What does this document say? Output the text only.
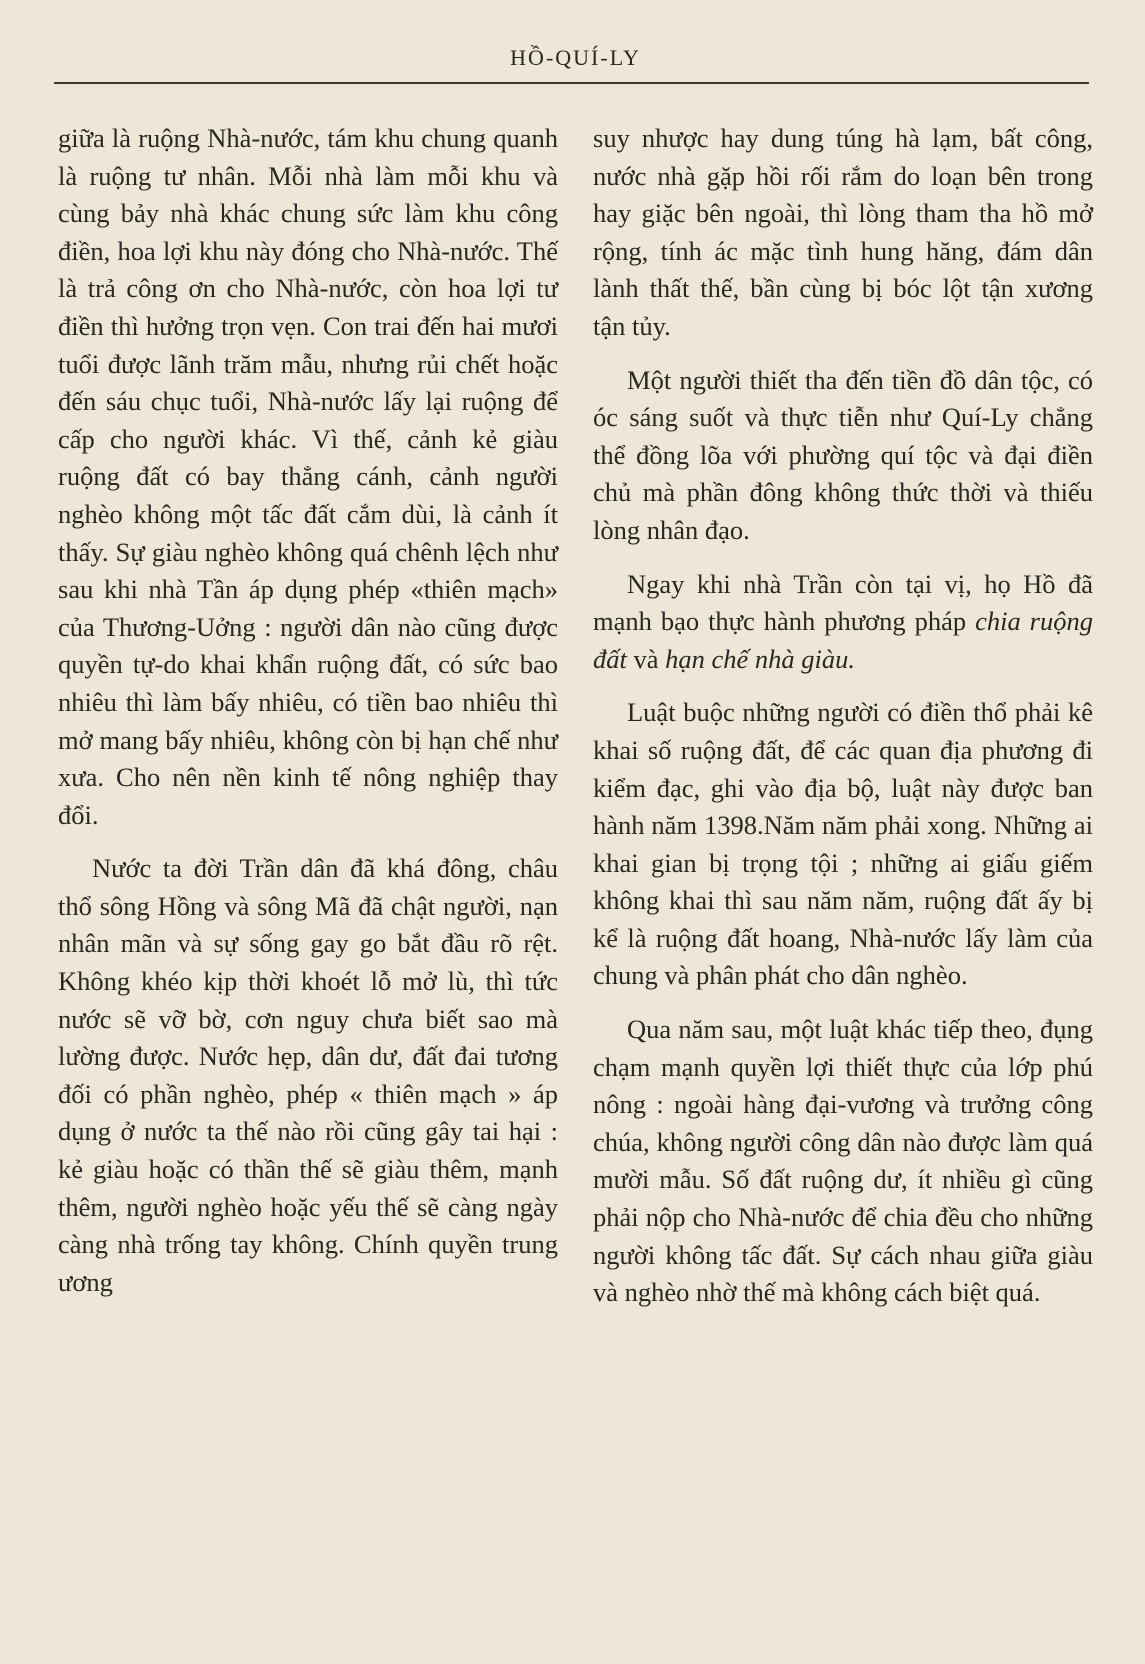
HỒ-QUÍ-LY

giữa là ruộng Nhà-nước, tám khu chung quanh là ruộng tư nhân. Mỗi nhà làm mỗi khu và cùng bảy nhà khác chung sức làm khu công điền, hoa lợi khu này đóng cho Nhà-nước. Thế là trả công ơn cho Nhà-nước, còn hoa lợi tư điền thì hưởng trọn vẹn. Con trai đến hai mươi tuổi được lãnh trăm mẫu, nhưng rủi chết hoặc đến sáu chục tuổi, Nhà-nước lấy lại ruộng để cấp cho người khác. Vì thế, cảnh kẻ giàu ruộng đất có bay thẳng cánh, cảnh người nghèo không một tấc đất cắm dùi, là cảnh ít thấy. Sự giàu nghèo không quá chênh lệch như sau khi nhà Tần áp dụng phép «thiên mạch» của Thương-Uởng : người dân nào cũng được quyền tự-do khai khẩn ruộng đất, có sức bao nhiêu thì làm bấy nhiêu, có tiền bao nhiêu thì mở mang bấy nhiêu, không còn bị hạn chế như xưa. Cho nên nền kinh tế nông nghiệp thay đổi.

Nước ta đời Trần dân đã khá đông, châu thổ sông Hồng và sông Mã đã chật người, nạn nhân mãn và sự sống gay go bắt đầu rõ rệt. Không khéo kịp thời khoét lỗ mở lù, thì tức nước sẽ vỡ bờ, cơn nguy chưa biết sao mà lường được. Nước hẹp, dân dư, đất đai tương đối có phần nghèo, phép « thiên mạch » áp dụng ở nước ta thế nào rồi cũng gây tai hại : kẻ giàu hoặc có thần thế sẽ giàu thêm, mạnh thêm, người nghèo hoặc yếu thế sẽ càng ngày càng nhà trống tay không. Chính quyền trung ương

suy nhược hay dung túng hà lạm, bất công, nước nhà gặp hồi rối rắm do loạn bên trong hay giặc bên ngoài, thì lòng tham tha hồ mở rộng, tính ác mặc tình hung hăng, đám dân lành thất thế, bần cùng bị bóc lột tận xương tận tủy.

Một người thiết tha đến tiền đồ dân tộc, có óc sáng suốt và thực tiễn như Quí-Ly chẳng thể đồng lõa với phường quí tộc và đại điền chủ mà phần đông không thức thời và thiếu lòng nhân đạo.

Ngay khi nhà Trần còn tại vị, họ Hồ đã mạnh bạo thực hành phương pháp chia ruộng đất và hạn chế nhà giàu.

Luật buộc những người có điền thổ phải kê khai số ruộng đất, để các quan địa phương đi kiểm đạc, ghi vào địa bộ, luật này được ban hành năm 1398.Năm năm phải xong. Những ai khai gian bị trọng tội ; những ai giấu giếm không khai thì sau năm năm, ruộng đất ấy bị kể là ruộng đất hoang, Nhà-nước lấy làm của chung và phân phát cho dân nghèo.

Qua năm sau, một luật khác tiếp theo, đụng chạm mạnh quyền lợi thiết thực của lớp phú nông : ngoài hàng đại-vương và trưởng công chúa, không người công dân nào được làm quá mười mẫu. Số đất ruộng dư, ít nhiều gì cũng phải nộp cho Nhà-nước để chia đều cho những người không tấc đất. Sự cách nhau giữa giàu và nghèo nhờ thế mà không cách biệt quá.
